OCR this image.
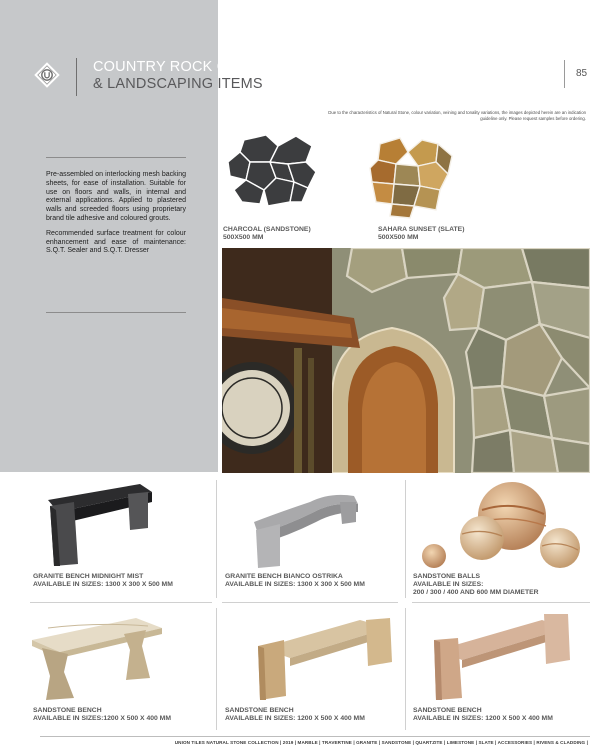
COUNTRY ROCK CLADDING
& LANDSCAPING ITEMS
85
Due to the characteristics of Natural Stone, colour variation, veining and tonality variations, the images depicted herein are an indication guideline only. Please request samples before ordering.

Pre-assembled on interlocking mesh backing sheets, for ease of installation. Suitable for use on floors and walls, in internal and external applications. Applied to plastered walls and screeded floors using proprietary brand tile adhesive and coloured grouts.

Recommended surface treatment for colour enhancement and ease of maintenance: S.Q.T. Sealer and S.Q.T. Dresser

CHARCOAL (SANDSTONE)
500X500 MM
SAHARA SUNSET (SLATE)
500X500 MM
GRANITE BENCH MIDNIGHT MIST
AVAILABLE IN SIZES: 1300 X 300 X 500 MM
GRANITE BENCH BIANCO OSTRIKA
AVAILABLE IN SIZES: 1300 X 300 X 500 MM
SANDSTONE BALLS
AVAILABLE IN SIZES:
200 / 300 / 400 AND 600 MM DIAMETER
SANDSTONE BENCH
AVAILABLE IN SIZES:1200 X 500 X 400 MM
SANDSTONE BENCH
AVAILABLE IN SIZES: 1200 X 500 X 400 MM
SANDSTONE BENCH
AVAILABLE IN SIZES: 1200 X 500 X 400 MM
UNION TILES NATURAL STONE COLLECTION | 2019 | MARBLE | TRAVERTINE | GRANITE | SANDSTONE | QUARTZITE | LIMESTONE | SLATE | ACCESSORIES | RIVENS & CLADDING |
